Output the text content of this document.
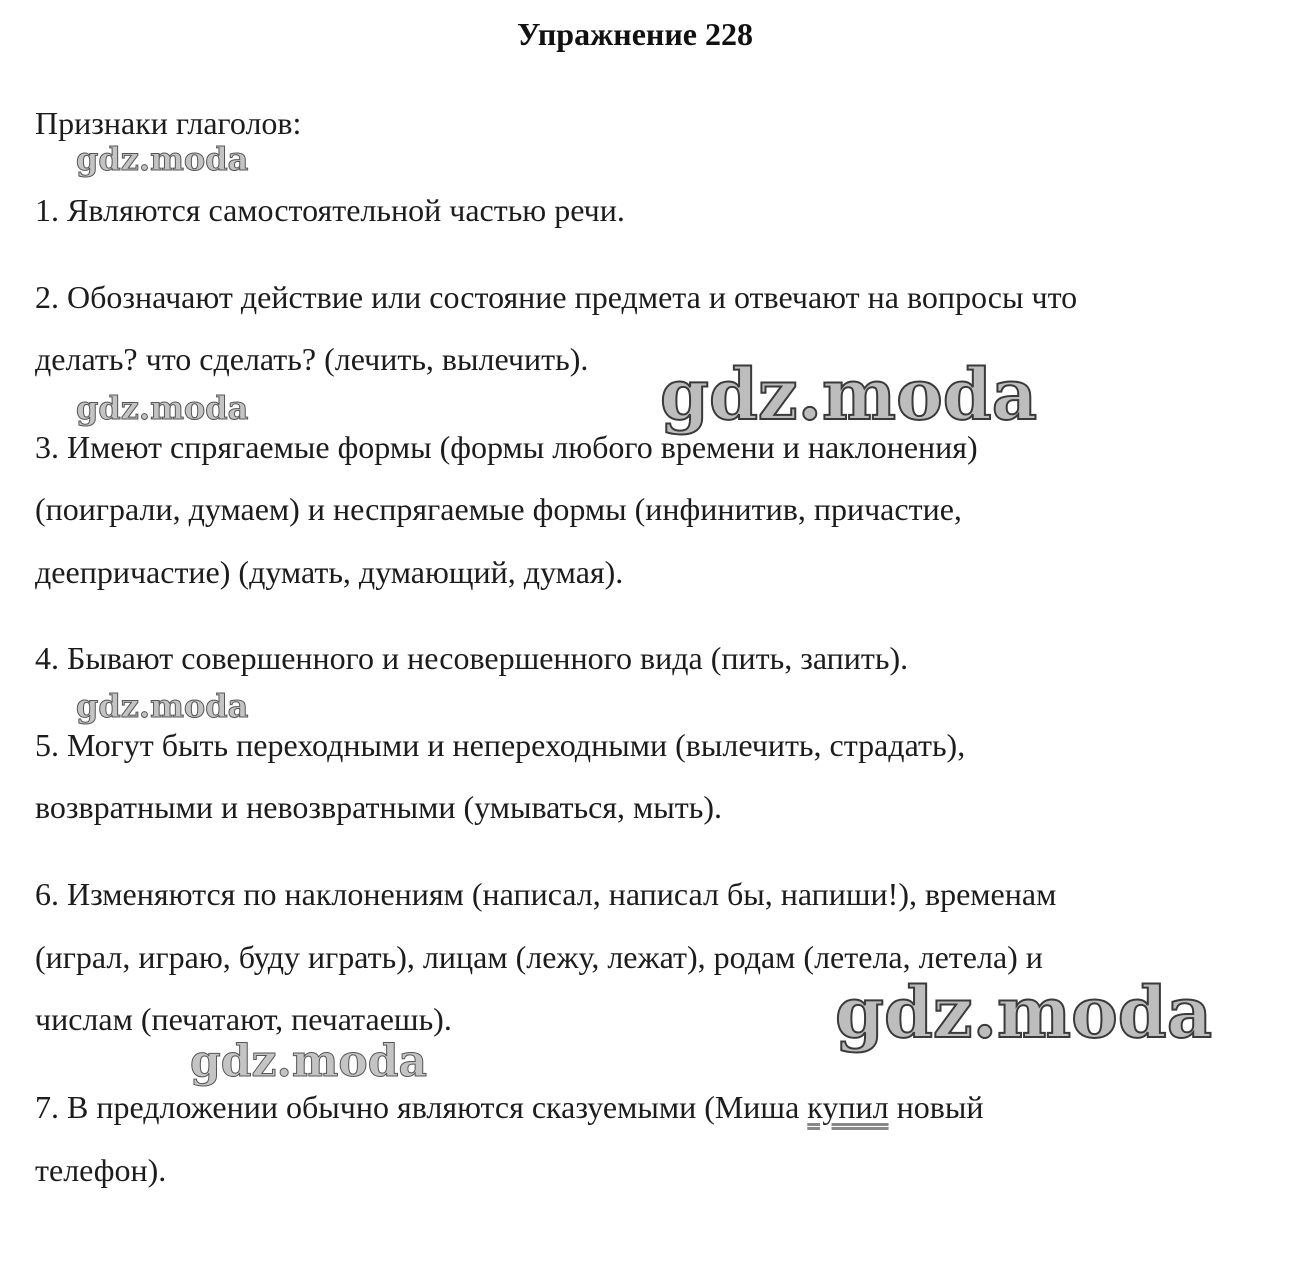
Упражнение 228
Признаки глаголов:
1. Являются самостоятельной частью речи.
2. Обозначают действие или состояние предмета и отвечают на вопросы что
делать? что сделать? (лечить, вылечить).
3. Имеют спрягаемые формы (формы любого времени и наклонения)
(поиграли, думаем) и неспрягаемые формы (инфинитив, причастие,
деепричастие) (думать, думающий, думая).
4. Бывают совершенного и несовершенного вида (пить, запить).
5. Могут быть переходными и непереходными (вылечить, страдать),
возвратными и невозвратными (умываться, мыть).
6. Изменяются по наклонениям (написал, написал бы, напиши!), временам
(играл, играю, буду играть), лицам (лежу, лежат), родам (летела, летела) и
числам (печатают, печатаешь).
7. В предложении обычно являются сказуемыми (Миша купил новый
телефон).
gdz.moda
gdz.moda	gdz.moda
gdz.moda
gdz.moda
gdz.moda
